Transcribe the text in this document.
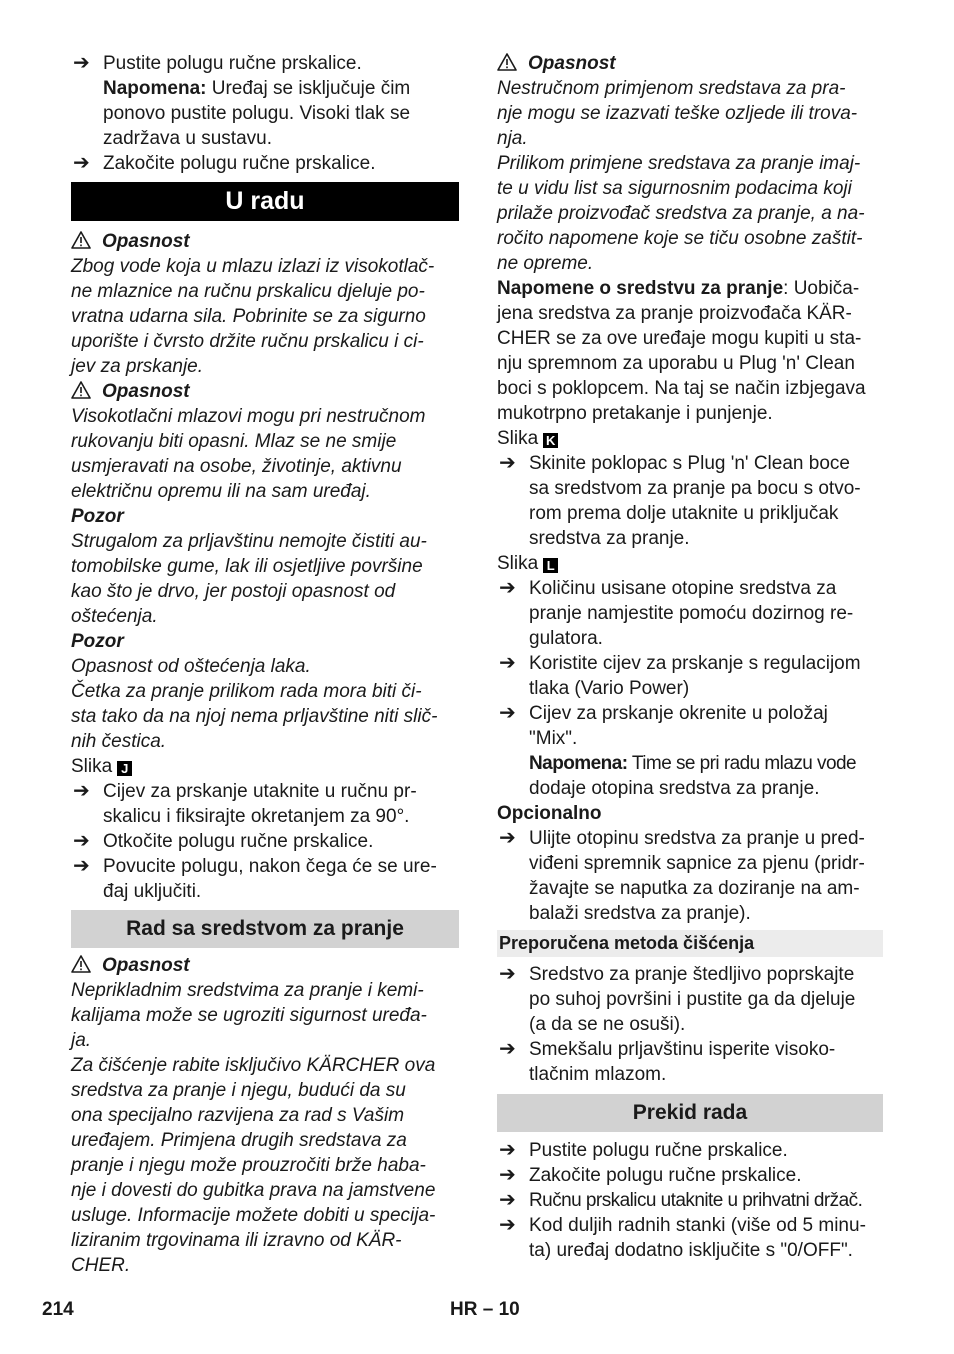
➔ Pustite polugu ručne prskalice.

Napomena: Uređaj se isključuje čim

ponovo pustite polugu. Visoki tlak se

zadržava u sustavu.

➔ Zakočite polugu ručne prskalice.

U radu

Opasnost

Zbog vode koja u mlazu izlazi iz visokotlač-

ne mlaznice na ručnu prskalicu djeluje po-

vratna udarna sila. Pobrinite se za sigurno

uporište i čvrsto držite ručnu prskalicu i ci-

jev za prskanje.

Opasnost

Visokotlačni mlazovi mogu pri nestručnom

rukovanju biti opasni. Mlaz se ne smije

usmjeravati na osobe, životinje, aktivnu

električnu opremu ili na sam uređaj.

Pozor

Strugalom za prljavštinu nemojte čistiti au-

tomobilske gume, lak ili osjetljive površine

kao što je drvo, jer postoji opasnost od

oštećenja.

Pozor

Opasnost od oštećenja laka.

Četka za pranje prilikom rada mora biti či-

sta tako da na njoj nema prljavštine niti slič-

nih čestica.

Slika J

➔ Cijev za prskanje utaknite u ručnu pr-

skalicu i fiksirajte okretanjem za 90°.

➔ Otkočite polugu ručne prskalice.

➔ Povucite polugu, nakon čega će se ure-

đaj uključiti.

Rad sa sredstvom za pranje

Opasnost

Neprikladnim sredstvima za pranje i kemi-

kalijama može se ugroziti sigurnost uređa-

ja.

Za čišćenje rabite isključivo KÄRCHER ova

sredstva za pranje i njegu, budući da su

ona specijalno razvijena za rad s Vašim

uređajem. Primjena drugih sredstava za

pranje i njegu može prouzročiti brže haba-

nje i dovesti do gubitka prava na jamstvene

usluge. Informacije možete dobiti u specija-

liziranim trgovinama ili izravno od KÄR-

CHER.

Opasnost

Nestručnom primjenom sredstava za pra-

nje mogu se izazvati teške ozljede ili trova-

nja.

Prilikom primjene sredstava za pranje imaj-

te u vidu list sa sigurnosnim podacima koji

prilaže proizvođač sredstva za pranje, a na-

ročito napomene koje se tiču osobne zaštit-

ne opreme.

Napomene o sredstvu za pranje: Uobiča-

jena sredstva za pranje proizvođača KÄR-

CHER se za ove uređaje mogu kupiti u sta-

nju spremnom za uporabu u Plug 'n' Clean

boci s poklopcem. Na taj se način izbjegava

mukotrpno pretakanje i punjenje.

Slika K

➔ Skinite poklopac s Plug 'n' Clean boce

sa sredstvom za pranje pa bocu s otvo-

rom prema dolje utaknite u priključak

sredstva za pranje.

Slika L

➔ Količinu usisane otopine sredstva za

pranje namjestite pomoću dozirnog re-

gulatora.

➔ Koristite cijev za prskanje s regulacijom

tlaka (Vario Power)

➔ Cijev za prskanje okrenite u položaj

"Mix".

Napomena: Time se pri radu mlazu vode

dodaje otopina sredstva za pranje.

Opcionalno

➔ Ulijte otopinu sredstva za pranje u pred-

viđeni spremnik sapnice za pjenu (pridr-

žavajte se naputka za doziranje na am-

balaži sredstva za pranje).

Preporučena metoda čišćenja
➔ Sredstvo za pranje štedljivo poprskajte

po suhoj površini i pustite ga da djeluje

(a da se ne osuši).

➔ Smekšalu prljavštinu isperite visoko-

tlačnim mlazom.

Prekid rada
➔ Pustite polugu ručne prskalice.

➔ Zakočite polugu ručne prskalice.

➔ Ručnu prskalicu utaknite u prihvatni držač.

➔ Kod duljih radnih stanki (više od 5 minu-

ta) uređaj dodatno isključite s "0/OFF".

214	HR – 10
